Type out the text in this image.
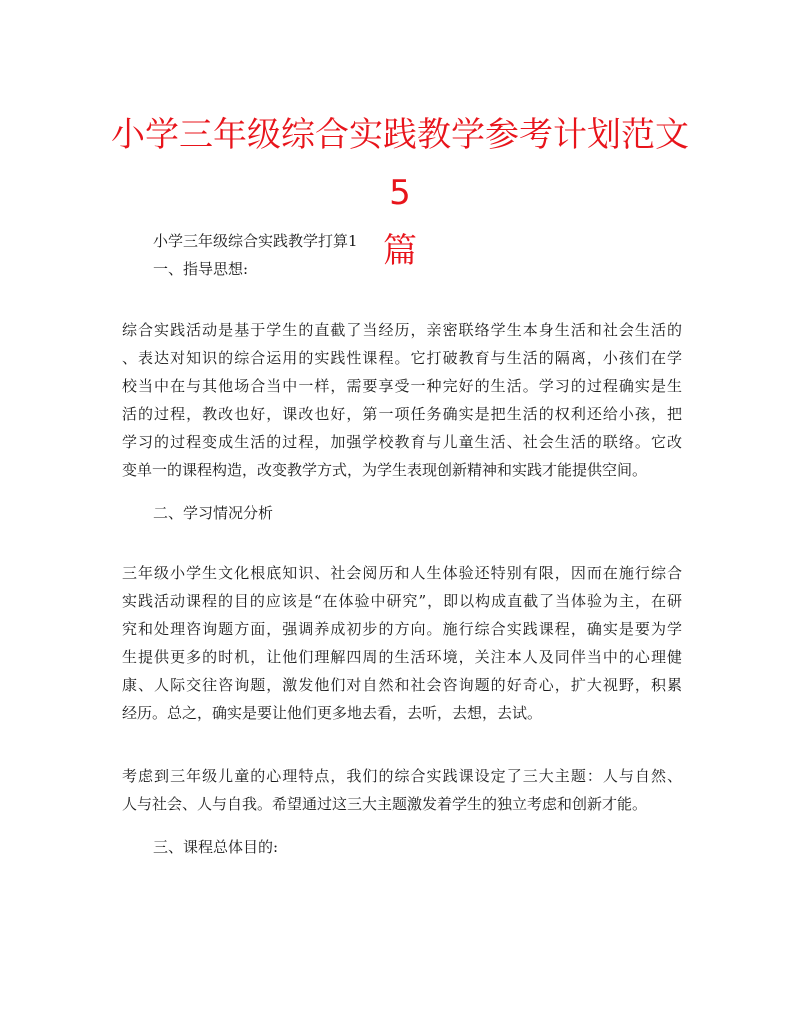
小学三年级综合实践教学参考计划范文5
篇

小学三年级综合实践教学打算1

一、指导思想:

综合实践活动是基于学生的直截了当经历，亲密联络学生本身生活和社会生活的

、表达对知识的综合运用的实践性课程。它打破教育与生活的隔离，小孩们在学

校当中在与其他场合当中一样，需要享受一种完好的生活。学习的过程确实是生

活的过程，教改也好，课改也好，第一项任务确实是把生活的权利还给小孩，把

学习的过程变成生活的过程，加强学校教育与儿童生活、社会生活的联络。它改

变单一的课程构造，改变教学方式，为学生表现创新精神和实践才能提供空间。

二、学习情况分析

三年级小学生文化根底知识、社会阅历和人生体验还特别有限，因而在施行综合

实践活动课程的目的应该是“在体验中研究”，即以构成直截了当体验为主，在研

究和处理咨询题方面，强调养成初步的方向。施行综合实践课程，确实是要为学

生提供更多的时机，让他们理解四周的生活环境，关注本人及同伴当中的心理健

康、人际交往咨询题，激发他们对自然和社会咨询题的好奇心，扩大视野，积累

经历。总之，确实是要让他们更多地去看，去听，去想，去试。

考虑到三年级儿童的心理特点，我们的综合实践课设定了三大主题：人与自然、

人与社会、人与自我。希望通过这三大主题激发着学生的独立考虑和创新才能。

三、课程总体目的:
